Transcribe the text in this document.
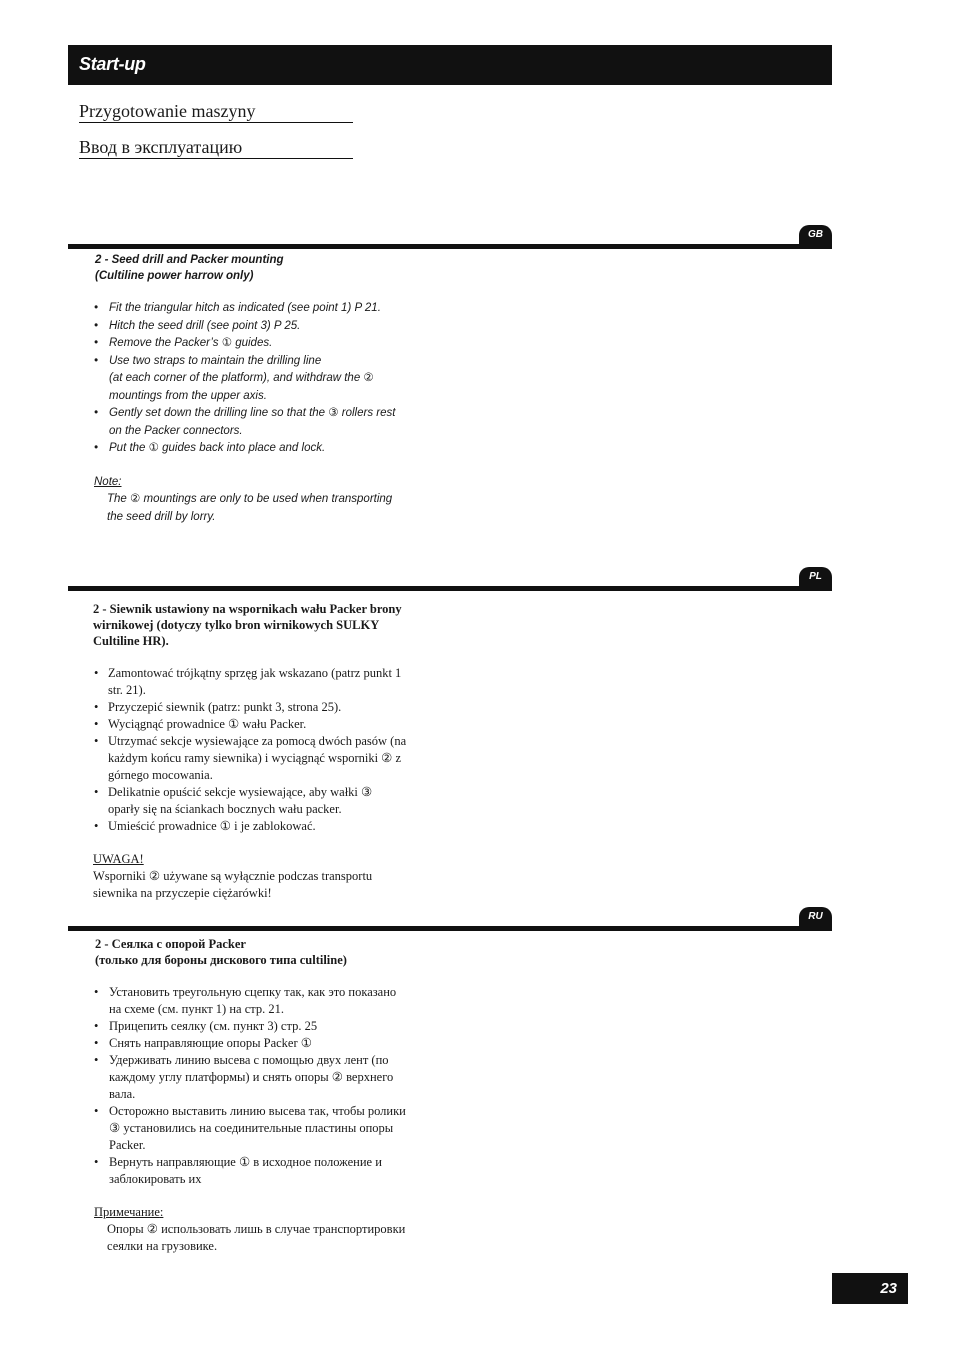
Start-up
Przygotowanie maszyny
Ввод в эксплуатацию
GB
2 - Seed drill and Packer mounting
(Cultiline power harrow only)
• Fit the triangular hitch as indicated (see point 1) P 21.
• Hitch the seed drill (see point 3) P 25.
• Remove the Packer’s ① guides.
• Use two straps to maintain the drilling line
(at each corner of the platform), and withdraw the ②
mountings from the upper axis.
• Gently set down the drilling line so that the ③ rollers rest
on the Packer connectors.
• Put the ① guides back into place and lock.
Note:
The ② mountings are only to be used when transporting
the seed drill by lorry.
PL
2 - Siewnik ustawiony na wspornikach wału Packer brony
wirnikowej (dotyczy tylko bron wirnikowych SULKY
Cultiline HR).
• Zamontować trójkątny sprzęg jak wskazano (patrz punkt 1
str. 21).
• Przyczepić siewnik (patrz: punkt 3, strona 25).
• Wyciągnąć prowadnice ① wału Packer.
• Utrzymać sekcje wysiewające za pomocą dwóch pasów (na
każdym końcu ramy siewnika) i wyciągnąć wsporniki ② z
górnego mocowania.
• Delikatnie opuścić sekcje wysiewające, aby wałki ③
oparły się na ściankach bocznych wału packer.
• Umieścić prowadnice ① i je zablokować.
UWAGA!
Wsporniki ② używane są wyłącznie podczas transportu
siewnika na przyczepie ciężarówki!
RU
2 - Сеялка с опорой Packer
(только для бороны дискового типа cultiline)
• Установить треугольную сцепку так, как это показано
на схеме (см. пункт 1) на стр. 21.
• Прицепить сеялку (см. пункт 3) стр. 25
• Снять направляющие опоры Packer ①
• Удерживать линию высева с помощью двух лент (по
каждому углу платформы) и снять опоры ② верхнего
вала.
• Осторожно выставить линию высева так, чтобы ролики
③ установились на соединительные пластины опоры
Packer.
• Вернуть направляющие ① в исходное положение и
заблокировать их
Примечание:
Опоры ② использовать лишь в случае транспортировки
сеялки на грузовике.
23
